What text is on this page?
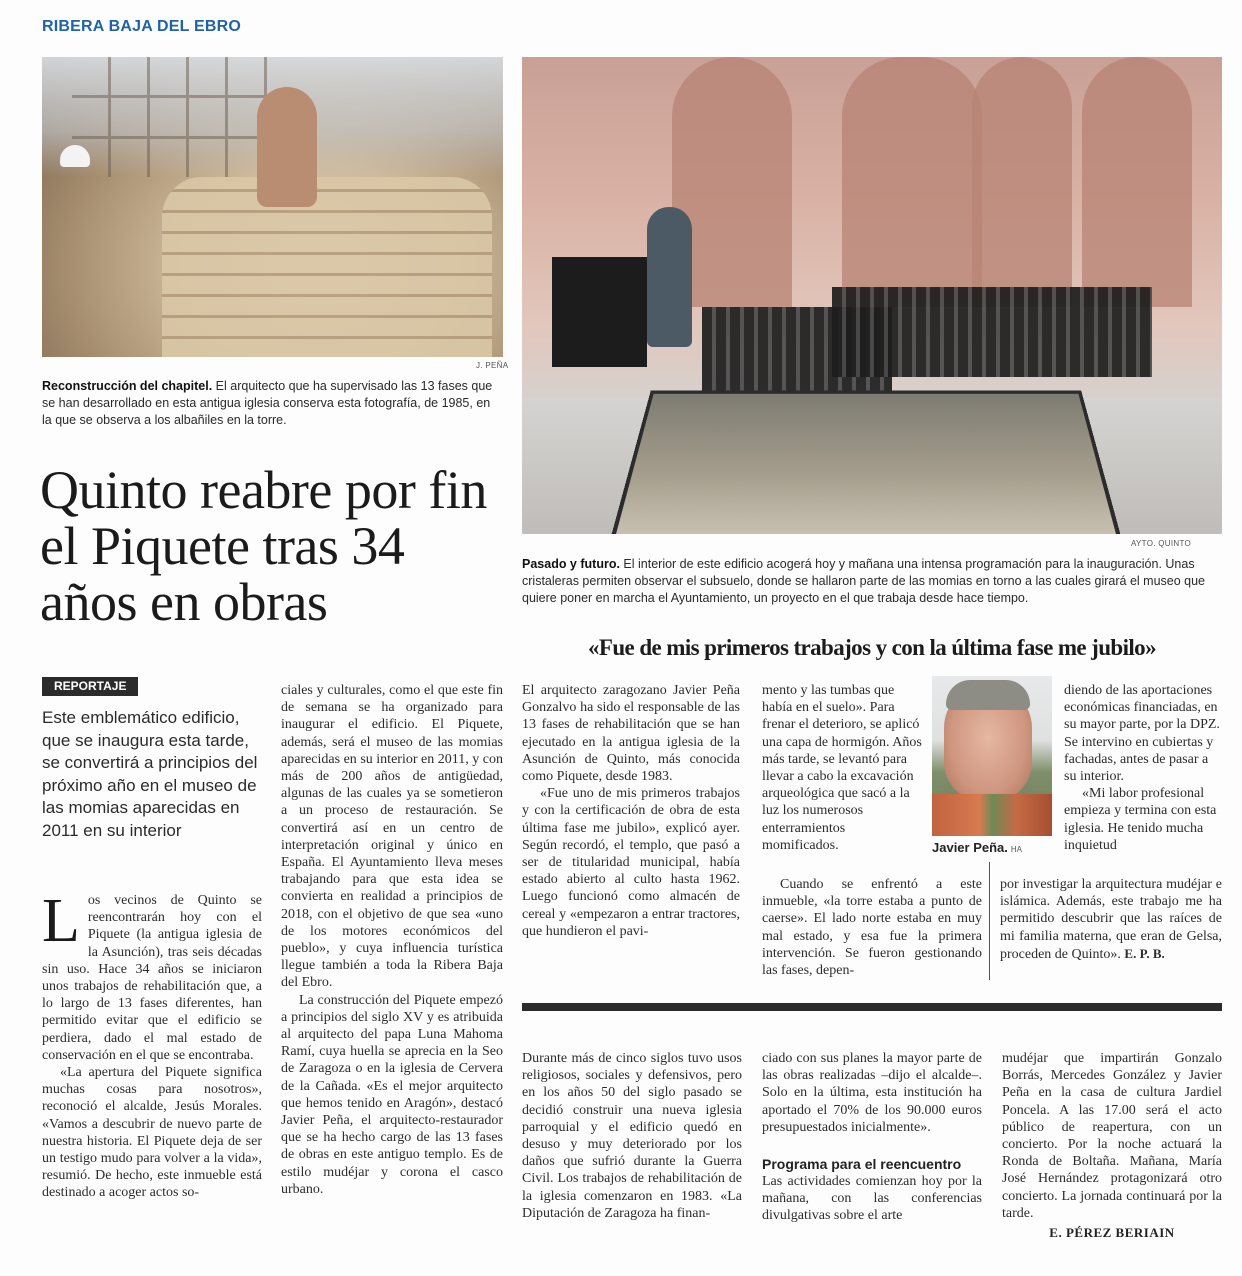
RIBERA BAJA DEL EBRO
J. PEÑA
Reconstrucción del chapitel. El arquitecto que ha supervisado las 13 fases que se han desarrollado en esta antigua iglesia conserva esta fotografía, de 1985, en la que se observa a los albañiles en la torre.
AYTO. QUINTO
Pasado y futuro. El interior de este edificio acogerá hoy y mañana una intensa programación para la inauguración. Unas cristaleras permiten observar el subsuelo, donde se hallaron parte de las momias en torno a las cuales girará el museo que quiere poner en marcha el Ayuntamiento, un proyecto en el que trabaja desde hace tiempo.
Quinto reabre por fin el Piquete tras 34 años en obras
REPORTAJE
Este emblemático edificio, que se inaugura esta tarde, se convertirá a principios del próximo año en el museo de las momias aparecidas en 2011 en su interior

Los vecinos de Quinto se reencontrarán hoy con el Piquete (la antigua iglesia de la Asunción), tras seis décadas sin uso. Hace 34 años se iniciaron unos trabajos de rehabilitación que, a lo largo de 13 fases diferentes, han permitido evitar que el edificio se perdiera, dado el mal estado de conservación en el que se encontraba.

«La apertura del Piquete significa muchas cosas para nosotros», reconoció el alcalde, Jesús Morales. «Vamos a descubrir de nuevo parte de nuestra historia. El Piquete deja de ser un testigo mudo para volver a la vida», resumió. De hecho, este inmueble está destinado a acoger actos so-

ciales y culturales, como el que este fin de semana se ha organizado para inaugurar el edificio. El Piquete, además, será el museo de las momias aparecidas en su interior en 2011, y con más de 200 años de antigüedad, algunas de las cuales ya se sometieron a un proceso de restauración. Se convertirá así en un centro de interpretación original y único en España. El Ayuntamiento lleva meses trabajando para que esta idea se convierta en realidad a principios de 2018, con el objetivo de que sea «uno de los motores económicos del pueblo», y cuya influencia turística llegue también a toda la Ribera Baja del Ebro.

La construcción del Piquete empezó a principios del siglo XV y es atribuida al arquitecto del papa Luna Mahoma Ramí, cuya huella se aprecia en la Seo de Zaragoza o en la iglesia de Cervera de la Cañada. «Es el mejor arquitecto que hemos tenido en Aragón», destacó Javier Peña, el arquitecto-restaurador que se ha hecho cargo de las 13 fases de obras en este antiguo templo. Es de estilo mudéjar y corona el casco urbano.

«Fue de mis primeros trabajos y con la última fase me jubilo»

El arquitecto zaragozano Javier Peña Gonzalvo ha sido el responsable de las 13 fases de rehabilitación que se han ejecutado en la antigua iglesia de la Asunción de Quinto, más conocida como Piquete, desde 1983.

«Fue uno de mis primeros trabajos y con la certificación de obra de esta última fase me jubilo», explicó ayer. Según recordó, el templo, que pasó a ser de titularidad municipal, había estado abierto al culto hasta 1962. Luego funcionó como almacén de cereal y «empezaron a entrar tractores, que hundieron el pavi-

mento y las tumbas que había en el suelo». Para frenar el deterioro, se aplicó una capa de hormigón. Años más tarde, se levantó para llevar a cabo la excavación arqueológica que sacó a la luz los numerosos enterramientos momificados.

Cuando se enfrentó a este inmueble, «la torre estaba a punto de caerse». El lado norte estaba en muy mal estado, y esa fue la primera intervención. Se fueron gestionando las fases, depen-

Javier Peña. HA

diendo de las aportaciones económicas financiadas, en su mayor parte, por la DPZ. Se intervino en cubiertas y fachadas, antes de pasar a su interior.

«Mi labor profesional empieza y termina con esta iglesia. He tenido mucha inquietud

por investigar la arquitectura mudéjar e islámica. Además, este trabajo me ha permitido descubrir que las raíces de mi familia materna, que eran de Gelsa, proceden de Quinto». E. P. B.

Durante más de cinco siglos tuvo usos religiosos, sociales y defensivos, pero en los años 50 del siglo pasado se decidió construir una nueva iglesia parroquial y el edificio quedó en desuso y muy deteriorado por los daños que sufrió durante la Guerra Civil. Los trabajos de rehabilitación de la iglesia comenzaron en 1983. «La Diputación de Zaragoza ha finan-

ciado con sus planes la mayor parte de las obras realizadas –dijo el alcalde–. Solo en la última, esta institución ha aportado el 70% de los 90.000 euros presupuestados inicialmente».

Programa para el reencuentro

Las actividades comienzan hoy por la mañana, con las conferencias divulgativas sobre el arte

mudéjar que impartirán Gonzalo Borrás, Mercedes González y Javier Peña en la casa de cultura Jardiel Poncela. A las 17.00 será el acto público de reapertura, con un concierto. Por la noche actuará la Ronda de Boltaña. Mañana, María José Hernández protagonizará otro concierto. La jornada continuará por la tarde.

E. PÉREZ BERIAIN
